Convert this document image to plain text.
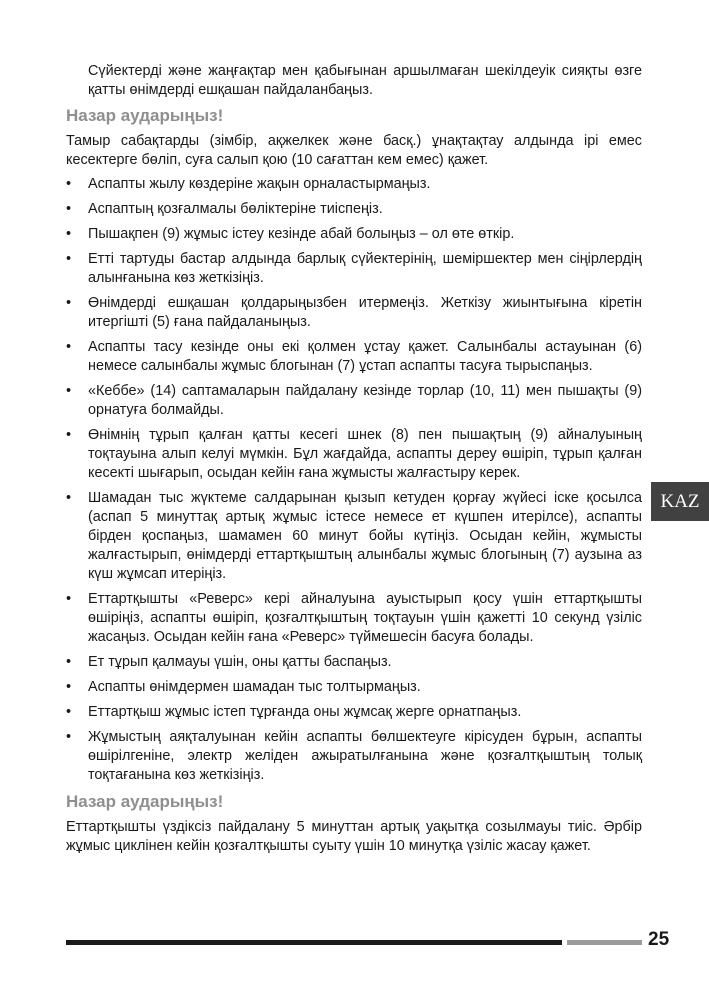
Сүйектерді және жаңғақтар мен қабығынан аршылмаған шекілдеуік сияқты өзге қатты өнімдерді ешқашан пайдаланбаңыз.

Назар аударыңыз!

Тамыр сабақтарды (зімбір, ақжелкек және басқ.) ұнақтақтау алдында ірі емес кесектерге бөліп, суға салып қою (10 сағаттан кем емес) қажет.

• Аспапты жылу көздеріне жақын орналастырмаңыз.
• Аспаптың қозғалмалы бөліктеріне тиіспеңіз.
• Пышақпен (9) жұмыс істеу кезінде абай болыңыз – ол өте өткір.
• Етті тартуды бастар алдында барлық сүйектерінің, шеміршектер мен сіңірлердің алынғанына көз жеткізіңіз.
• Өнімдерді ешқашан қолдарыңызбен итермеңіз. Жеткізу жиынтығына кіретін итергішті (5) ғана пайдаланыңыз.
• Аспапты тасу кезінде оны екі қолмен ұстау қажет. Салынбалы астауынан (6) немесе салынбалы жұмыс блогынан (7) ұстап аспапты тасуға тырыспаңыз.
• «Кеббе» (14) саптамаларын пайдалану кезінде торлар (10, 11) мен пышақты (9) орнатуға болмайды.
• Өнімнің тұрып қалған қатты кесегі шнек (8) пен пышақтың (9) айналуының тоқтауына алып келуі мүмкін. Бұл жағдайда, аспапты дереу өшіріп, тұрып қалған кесекті шығарып, осыдан кейін ғана жұмысты жалғастыру керек.
• Шамадан тыс жүктеме салдарынан қызып кетуден қорғау жүйесі іске қосылса (аспап 5 минуттақ артық жұмыс істесе немесе ет күшпен итерілсе), аспапты бірден қоспаңыз, шамамен 60 минут бойы күтіңіз. Осыдан кейін, жұмысты жалғастырып, өнімдерді еттартқыштың алынбалы жұмыс блогының (7) аузына аз күш жұмсап итеріңіз.
• Еттартқышты «Реверс» кері айналуына ауыстырып қосу үшін еттартқышты өшіріңіз, аспапты өшіріп, қозғалтқыштың тоқтауын үшін қажетті 10 секунд үзіліс жасаңыз. Осыдан кейін ғана «Реверс» түймешесін басуға болады.
• Ет тұрып қалмауы үшін, оны қатты баспаңыз.
• Аспапты өнімдермен шамадан тыс толтырмаңыз.
• Еттартқыш жұмыс істеп тұрғанда оны жұмсақ жерге орнатпаңыз.
• Жұмыстың аяқталуынан кейін аспапты бөлшектеуге кірісуден бұрын, аспапты өшірілгеніне, электр желіден ажыратылғанына және қозғалтқыштың толық тоқтағанына көз жеткізіңіз.
Назар аударыңыз!

Еттартқышты үздіксіз пайдалану 5 минуттан артық уақытқа созылмауы тиіс. Әрбір жұмыс циклінен кейін қозғалтқышты суыту үшін 10 минутқа үзіліс жасау қажет.

KAZ
25
